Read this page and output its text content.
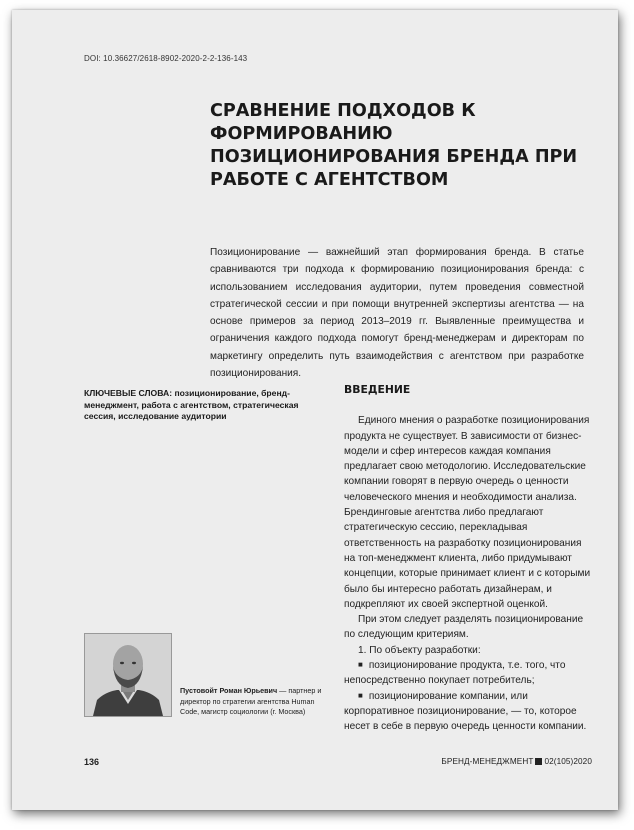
DOI: 10.36627/2618-8902-2020-2-2-136-143
СРАВНЕНИЕ ПОДХОДОВ К ФОРМИРОВАНИЮ ПОЗИЦИОНИРОВАНИЯ БРЕНДА ПРИ РАБОТЕ С АГЕНТСТВОМ

Позиционирование — важнейший этап формирования бренда. В статье сравниваются три подхода к формированию позиционирования бренда: с использованием исследования аудитории, путем проведения совместной стратегической сессии и при помощи внутренней экспертизы агентства — на основе примеров за период 2013–2019 гг. Выявленные преимущества и ограничения каждого подхода помогут бренд-менеджерам и директорам по маркетингу определить путь взаимодействия с агентством при разработке позиционирования.

КЛЮЧЕВЫЕ СЛОВА: позиционирование, бренд-менеджмент, работа с агентством, стратегическая сессия, исследование аудитории
ВВЕДЕНИЕ

Единого мнения о разработке позиционирования продукта не существует. В зависимости от бизнес-модели и сфер интересов каждая компания предлагает свою методологию. Исследовательские компании говорят в первую очередь о ценности человеческого мнения и необходимости анализа. Брендинговые агентства либо предлагают стратегическую сессию, перекладывая ответственность на разработку позиционирования на топ-менеджмент клиента, либо придумывают концепции, которые принимает клиент и с которыми было бы интересно работать дизайнерам, и подкрепляют их своей экспертной оценкой.

При этом следует разделять позиционирование по следующим критериям.

1. По объекту разработки:

■ позиционирование продукта, т.е. того, что непосредственно покупает потребитель;

■ позиционирование компании, или корпоративное позиционирование, — то, которое несет в себе в первую очередь ценности компании.

Пустовойт Роман Юрьевич — партнер и директор по стратегии агентства Human Code, магистр социологии (г. Москва)
136	БРЕНД-МЕНЕДЖМЕНТ 02(105)2020
